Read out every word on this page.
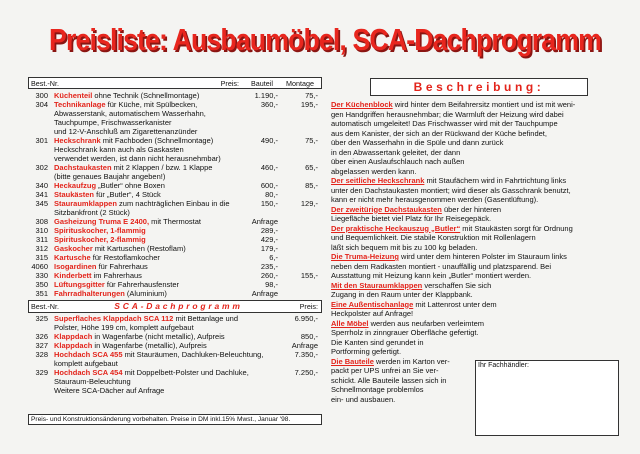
Preisliste: Ausbaumöbel, SCA-Dachprogramm
Best.-Nr.	Preis:	Bauteil	Montage
300 Küchenteil ohne Technik (Schnellmontage)	1.190,-	75,-
304 Technikanlage für Küche, mit Spülbecken,	360,-	195,-
Abwasserstank, automatischem Wasserhahn,
Tauchpumpe, Frischwasserkanister
und 12-V-Anschluß am Zigarettenanzünder
301 Heckschrank mit Fachboden (Schnellmontage)	490,-	75,-
Heckschrank kann auch als Gaskasten
verwendet werden, ist dann nicht herausnehmbar)
302 Dachstaukasten mit 2 Klappen / bzw. 1 Klappe	460,-	65,-
(bitte genaues Baujahr angeben!)
340 Heckaufzug „Butler“ ohne Boxen	600,-	85,-
341 Staukästen für „Butler“, 4 Stück	80,-
345 Stauraumklappen zum nachträglichen Einbau in die	150,-	129,-
Sitzbankfront (2 Stück)
308 Gasheizung Truma E 2400, mit Thermostat	Anfrage
310 Spirituskocher, 1-flammig	289,-
311 Spirituskocher, 2-flammig	429,-
312 Gaskocher mit Kartuschen (Restoflam)	179,-
315 Kartusche für Restoflamkocher	6,-
4060 Isogardinen für Fahrerhaus	235,-
330 Kinderbett im Fahrerhaus	260,-	155,-
350 Lüftungsgitter für Fahrerhausfenster	98,-
351 Fahrradhalterungen (Aluminium)	Anfrage
Best.-Nr.	SCA-Dachprogramm	Preis:
325 Superflaches Klappdach SCA 112 mit Bettanlage und	6.950,-
Polster, Höhe 199 cm, komplett aufgebaut
326 Klappdach in Wagenfarbe (nicht metallic), Aufpreis	850,-
327 Klappdach in Wagenfarbe (metallic), Aufpreis	Anfrage
328 Hochdach SCA 455 mit Stauräumen, Dachluken-Beleuchtung,	7.350,-
komplett aufgebaut
329 Hochdach SCA 454 mit Doppelbett-Polster und Dachluke,	7.250,-
Stauraum-Beleuchtung
Weitere SCA-Dächer auf Anfrage
Preis- und Konstruktionsänderung vorbehalten. Preise in DM inkl.15% Mwst., Januar '98.
Beschreibung:
Der Küchenblock wird hinter dem Beifahrersitz montiert und ist mit weni-
gen Handgriffen herausnehmbar; die Warmluft der Heizung wird dabei
automatisch umgeleitet! Das Frischwasser wird mit der Tauchpumpe
aus dem Kanister, der sich an der Rückwand der Küche befindet,
über den Wasserhahn in die Spüle und dann zurück
in den Abwassertank geleitet, der dann
über einen Auslaufschlauch nach außen
abgelassen werden kann.
Der seitliche Heckschrank mit Staufächern wird in Fahrtrichtung links
unter den Dachstaukasten montiert; wird dieser als Gasschrank benutzt,
kann er nicht mehr herausgenommen werden (Gasentlüftung).
Der zweitürige Dachstaukasten über der hinteren
Liegefläche bietet viel Platz für Ihr Reisegepäck.
Der praktische Heckauszug „Butler“ mit Staukästen sorgt für Ordnung
und Bequemlichkeit. Die stabile Konstruktion mit Rollenlagern
läßt sich bequem mit bis zu 100 kg beladen.
Die Truma-Heizung wird unter dem hinteren Polster im Stauraum links
neben dem Radkasten montiert - unauffällig und platzsparend. Bei
Ausstattung mit Heizung kann kein „Butler“ montiert werden.
Mit den Stauraumklappen verschaffen Sie sich
Zugang in den Raum unter der Klappbank.
Eine Außentischanlage mit Lattenrost unter dem
Heckpolster auf Anfrage!
Alle Möbel werden aus neufarben verleimtem
Sperrholz in zinngrauer Oberfläche gefertigt.
Die Kanten sind gerundet in
Portforming gefertigt.
Die Bauteile werden im Karton ver-
packt per UPS unfrei an Sie ver-
schickt. Alle Bauteile lassen sich in
Schnellmontage problemlos
ein- und ausbauen.
Ihr Fachhändler:
